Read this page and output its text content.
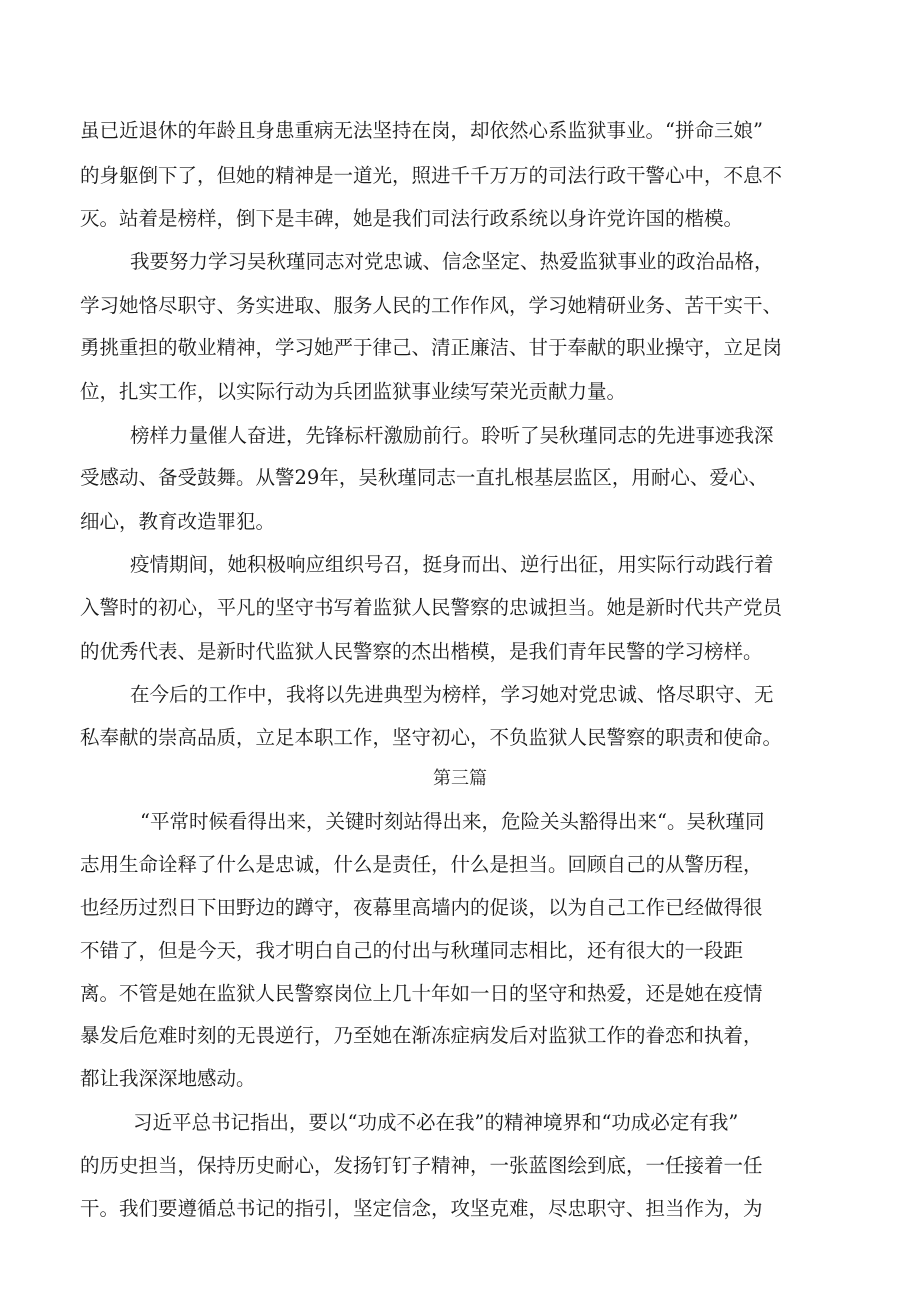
虽已近退休的年龄且身患重病无法坚持在岗，却依然心系监狱事业。“拼命三娘”
的身躯倒下了，但她的精神是一道光，照进千千万万的司法行政干警心中，不息不
灭。站着是榜样，倒下是丰碑，她是我们司法行政系统以身许党许国的楷模。
我要努力学习吴秋瑾同志对党忠诚、信念坚定、热爱监狱事业的政治品格，
学习她恪尽职守、务实进取、服务人民的工作作风，学习她精研业务、苦干实干、
勇挑重担的敬业精神，学习她严于律己、清正廉洁、甘于奉献的职业操守，立足岗
位，扎实工作，以实际行动为兵团监狱事业续写荣光贡献力量。
榜样力量催人奋进，先锋标杆激励前行。聆听了吴秋瑾同志的先进事迹我深
受感动、备受鼓舞。从警29年，吴秋瑾同志一直扎根基层监区，用耐心、爱心、
细心，教育改造罪犯。
疫情期间，她积极响应组织号召，挺身而出、逆行出征，用实际行动践行着
入警时的初心，平凡的坚守书写着监狱人民警察的忠诚担当。她是新时代共产党员
的优秀代表、是新时代监狱人民警察的杰出楷模，是我们青年民警的学习榜样。
在今后的工作中，我将以先进典型为榜样，学习她对党忠诚、恪尽职守、无
私奉献的崇高品质，立足本职工作，坚守初心，不负监狱人民警察的职责和使命。
第三篇
“平常时候看得出来，关键时刻站得出来，危险关头豁得出来“。吴秋瑾同
志用生命诠释了什么是忠诚，什么是责任，什么是担当。回顾自己的从警历程，
也经历过烈日下田野边的蹲守，夜幕里高墙内的促谈，以为自己工作已经做得很
不错了，但是今天，我才明白自己的付出与秋瑾同志相比，还有很大的一段距
离。不管是她在监狱人民警察岗位上几十年如一日的坚守和热爱，还是她在疫情
暴发后危难时刻的无畏逆行，乃至她在渐冻症病发后对监狱工作的眷恋和执着，
都让我深深地感动。
习近平总书记指出，要以“功成不必在我”的精神境界和“功成必定有我”
的历史担当，保持历史耐心，发扬钉钉子精神，一张蓝图绘到底，一任接着一任
干。我们要遵循总书记的指引，坚定信念，攻坚克难，尽忠职守、担当作为，为
